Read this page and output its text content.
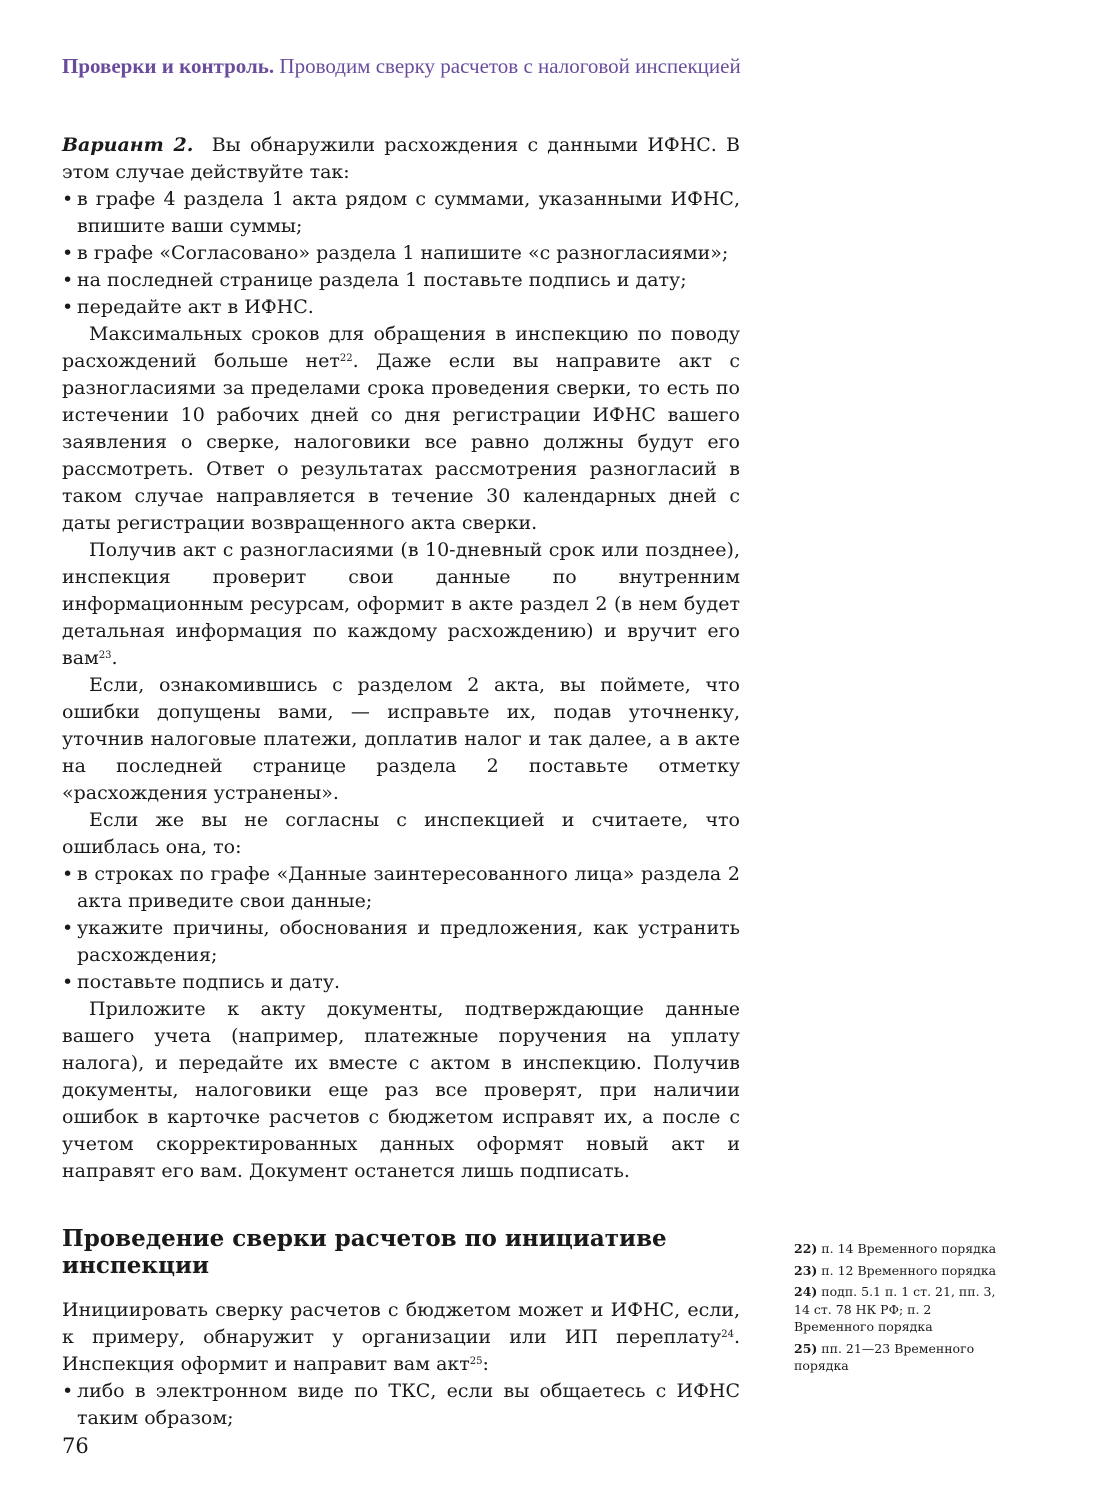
Проверки и контроль. Проводим сверку расчетов с налоговой инспекцией

Вариант 2. Вы обнаружили расхождения с данными ИФНС. В этом случае действуйте так:

• в графе 4 раздела 1 акта рядом с суммами, указанными ИФНС, впишите ваши суммы;
• в графе «Согласовано» раздела 1 напишите «с разногласиями»;
• на последней странице раздела 1 поставьте подпись и дату;
• передайте акт в ИФНС.

Максимальных сроков для обращения в инспекцию по поводу расхождений больше нет$^{22}$. Даже если вы направите акт с разногласиями за пределами срока проведения сверки, то есть по истечении 10 рабочих дней со дня регистрации ИФНС вашего заявления о сверке, налоговики все равно должны будут его рассмотреть. Ответ о результатах рассмотрения разногласий в таком случае направляется в течение 30 календарных дней с даты регистрации возвращенного акта сверки.

Получив акт с разногласиями (в 10-дневный срок или позднее), инспекция проверит свои данные по внутренним информационным ресурсам, оформит в акте раздел 2 (в нем будет детальная информация по каждому расхождению) и вручит его вам$^{23}$.

Если, ознакомившись с разделом 2 акта, вы поймете, что ошибки допущены вами, — исправьте их, подав уточненку, уточнив налоговые платежи, доплатив налог и так далее, а в акте на последней странице раздела 2 поставьте отметку «расхождения устранены».

Если же вы не согласны с инспекцией и считаете, что ошиблась она, то:

• в строках по графе «Данные заинтересованного лица» раздела 2 акта приведите свои данные;
• укажите причины, обоснования и предложения, как устранить расхождения;
• поставьте подпись и дату.

Приложите к акту документы, подтверждающие данные вашего учета (например, платежные поручения на уплату налога), и передайте их вместе с актом в инспекцию. Получив документы, налоговики еще раз все проверят, при наличии ошибок в карточке расчетов с бюджетом исправят их, а после с учетом скорректированных данных оформят новый акт и направят его вам. Документ останется лишь подписать.

Проведение сверки расчетов по инициативе инспекции

Инициировать сверку расчетов с бюджетом может и ИФНС, если, к примеру, обнаружит у организации или ИП переплату$^{24}$. Инспекция оформит и направит вам акт$^{25}$:

• либо в электронном виде по ТКС, если вы общаетесь с ИФНС таким образом;
22) п. 14 Временного порядка
23) п. 12 Временного порядка
24) подп. 5.1 п. 1 ст. 21, пп. 3, 14 ст. 78 НК РФ; п. 2 Временного порядка
25) пп. 21—23 Временного порядка
76
